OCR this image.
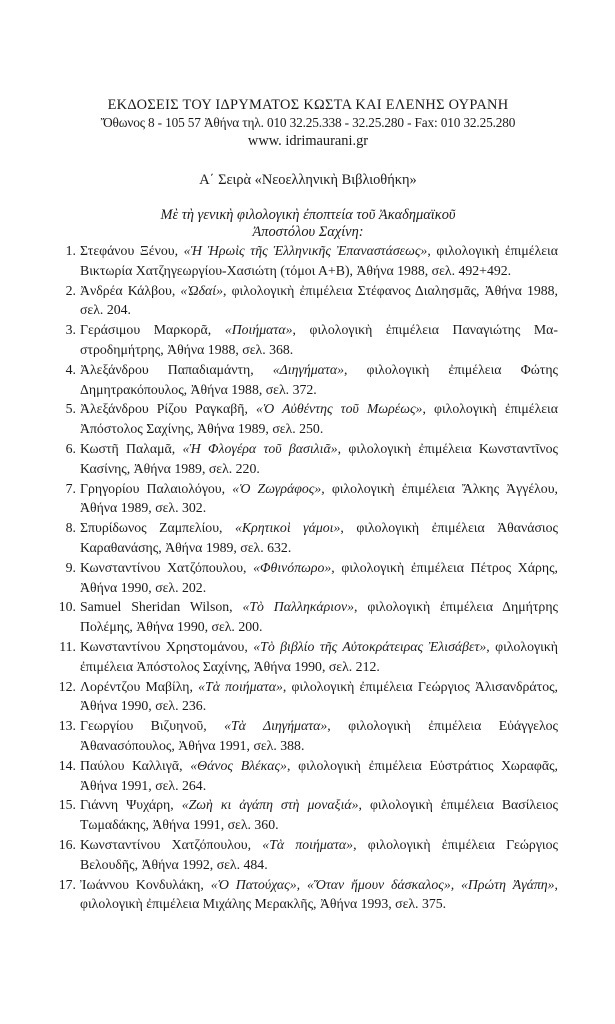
ΕΚΔΟΣΕΙΣ ΤΟΥ ΙΔΡΥΜΑΤΟΣ ΚΩΣΤΑ ΚΑΙ ΕΛΕΝΗΣ ΟΥΡΑΝΗ
Ὄθωνος 8 - 105 57 Ἀθήνα τηλ. 010 32.25.338 - 32.25.280 - Fax: 010 32.25.280
www. idrimaurani.gr
Α΄ Σειρὰ «Νεοελληνικὴ Βιβλιοθήκη»
Μὲ τὴ γενικὴ φιλολογικὴ ἐποπτεία τοῦ Ἀκαδημαϊκοῦ
Ἀποστόλου Σαχίνη:
1. Στεφάνου Ξένου, «Ἡ Ἡρωὶς τῆς Ἑλληνικῆς Ἐπαναστάσεως», φιλολογικὴ ἐπιμέλεια Βικτωρία Χατζηγεωργίου-Χασιώτη (τόμοι Α+Β), Ἀθήνα 1988, σελ. 492+492.
2. Ἀνδρέα Κάλβου, «Ὠδαί», φιλολογικὴ ἐπιμέλεια Στέφανος Διαλησμᾶς, Ἀθήνα 1988, σελ. 204.
3. Γεράσιμου Μαρκορᾶ, «Ποιήματα», φιλολογικὴ ἐπιμέλεια Παναγιώτης Μαστροδημήτρης, Ἀθήνα 1988, σελ. 368.
4. Ἀλεξάνδρου Παπαδιαμάντη, «Διηγήματα», φιλολογικὴ ἐπιμέλεια Φώτης Δημητρακόπουλος, Ἀθήνα 1988, σελ. 372.
5. Ἀλεξάνδρου Ρίζου Ραγκαβῆ, «Ὁ Αὐθέντης τοῦ Μωρέως», φιλολογικὴ ἐπιμέλεια Ἀπόστολος Σαχίνης, Ἀθήνα 1989, σελ. 250.
6. Κωστῆ Παλαμᾶ, «Ἡ Φλογέρα τοῦ βασιλιᾶ», φιλολογικὴ ἐπιμέλεια Κωνσταντῖνος Κασίνης, Ἀθήνα 1989, σελ. 220.
7. Γρηγορίου Παλαιολόγου, «Ὁ Ζωγράφος», φιλολογικὴ ἐπιμέλεια Ἄλκης Ἀγγέλου, Ἀθήνα 1989, σελ. 302.
8. Σπυρίδωνος Ζαμπελίου, «Κρητικοὶ γάμοι», φιλολογικὴ ἐπιμέλεια Ἀθανάσιος Καραθανάσης, Ἀθήνα 1989, σελ. 632.
9. Κωνσταντίνου Χατζόπουλου, «Φθινόπωρο», φιλολογικὴ ἐπιμέλεια Πέτρος Χάρης, Ἀθήνα 1990, σελ. 202.
10. Samuel Sheridan Wilson, «Τὸ Παλληκάριον», φιλολογικὴ ἐπιμέλεια Δημήτρης Πολέμης, Ἀθήνα 1990, σελ. 200.
11. Κωνσταντίνου Χρηστομάνου, «Τὸ βιβλίο τῆς Αὐτοκράτειρας Ἐλισάβετ», φιλολογικὴ ἐπιμέλεια Ἀπόστολος Σαχίνης, Ἀθήνα 1990, σελ. 212.
12. Λορέντζου Μαβίλη, «Τὰ ποιήματα», φιλολογικὴ ἐπιμέλεια Γεώργιος Ἀλισανδράτος, Ἀθήνα 1990, σελ. 236.
13. Γεωργίου Βιζυηνοῦ, «Τὰ Διηγήματα», φιλολογικὴ ἐπιμέλεια Εὐάγγελος Ἀθανασόπουλος, Ἀθήνα 1991, σελ. 388.
14. Παύλου Καλλιγᾶ, «Θάνος Βλέκας», φιλολογικὴ ἐπιμέλεια Εὐστράτιος Χωραφᾶς, Ἀθήνα 1991, σελ. 264.
15. Γιάννη Ψυχάρη, «Ζωὴ κι ἀγάπη στὴ μοναξιά», φιλολογικὴ ἐπιμέλεια Βασίλειος Τωμαδάκης, Ἀθήνα 1991, σελ. 360.
16. Κωνσταντίνου Χατζόπουλου, «Τὰ ποιήματα», φιλολογικὴ ἐπιμέλεια Γεώργιος Βελουδῆς, Ἀθήνα 1992, σελ. 484.
17. Ἰωάννου Κονδυλάκη, «Ὁ Πατούχας», «Ὅταν ἤμουν δάσκαλος», «Πρώτη Ἀγάπη», φιλολογικὴ ἐπιμέλεια Μιχάλης Μερακλῆς, Ἀθήνα 1993, σελ. 375.
